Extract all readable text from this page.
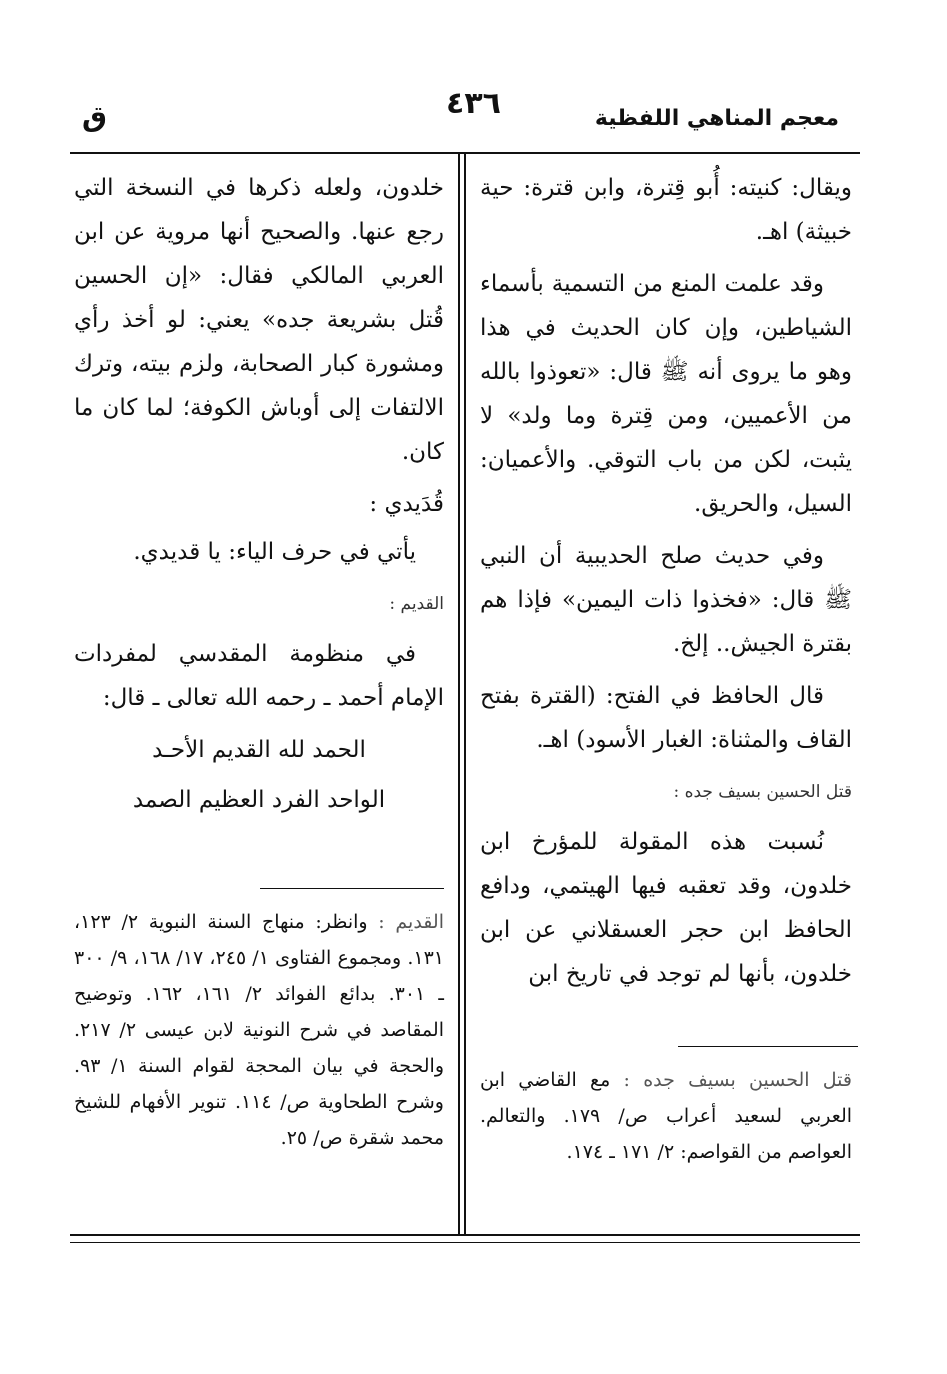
معجم المناهي اللفظية
٤٣٦
ق

ويقال: كنيته: أُبو قِترة، وابن قترة: حية خبيثة) اهـ.

وقد علمت المنع من التسمية بأسماء الشياطين، وإن كان الحديث في هذا وهو ما يروى أنه ﷺ قال: «تعوذوا بالله من الأعميين، ومن قِترة وما ولد» لا يثبت، لكن من باب التوقي. والأعميان: السيل، والحريق.

وفي حديث صلح الحديبية أن النبي ﷺ قال: «فخذوا ذات اليمين» فإذا هم بقترة الجيش.. إلخ.

قال الحافظ في الفتح: (القترة بفتح القاف والمثناة: الغبار الأسود) اهـ.

قتل الحسين بسيف جده :

نُسبت هذه المقولة للمؤرخ ابن خلدون، وقد تعقبه فيها الهيتمي، ودافع الحافظ ابن حجر العسقلاني عن ابن خلدون، بأنها لم توجد في تاريخ ابن

خلدون، ولعله ذكرها في النسخة التي رجع عنها. والصحيح أنها مروية عن ابن العربي المالكي فقال: «إن الحسين قُتل بشريعة جده» يعني: لو أخذ رأي ومشورة كبار الصحابة، ولزم بيته، وترك الالتفات إلى أوباش الكوفة؛ لما كان ما كان.

قُدَيدي :

يأتي في حرف الياء: يا قديدي.

القديم :

في منظومة المقدسي لمفردات الإمام أحمد ـ رحمه الله تعالى ـ قال:

الحمد لله القديم الأحـد
الواحد الفرد العظيم الصمد

القديم : وانظر: منهاج السنة النبوية ٢/ ١٢٣، ١٣١. ومجموع الفتاوى ١/ ٢٤٥، ١٧/ ١٦٨، ٩/ ٣٠٠ ـ ٣٠١. بدائع الفوائد ٢/ ١٦١، ١٦٢. وتوضيح المقاصد في شرح النونية لابن عيسى ٢/ ٢١٧. والحجة في بيان المحجة لقوام السنة ١/ ٩٣. وشرح الطحاوية ص/ ١١٤. تنوير الأفهام للشيخ محمد شقرة ص/ ٢٥.

قتل الحسين بسيف جده : مع القاضي ابن العربي لسعيد أعراب ص/ ١٧٩. والتعالم. العواصم من القواصم: ٢/ ١٧١ ـ ١٧٤.
